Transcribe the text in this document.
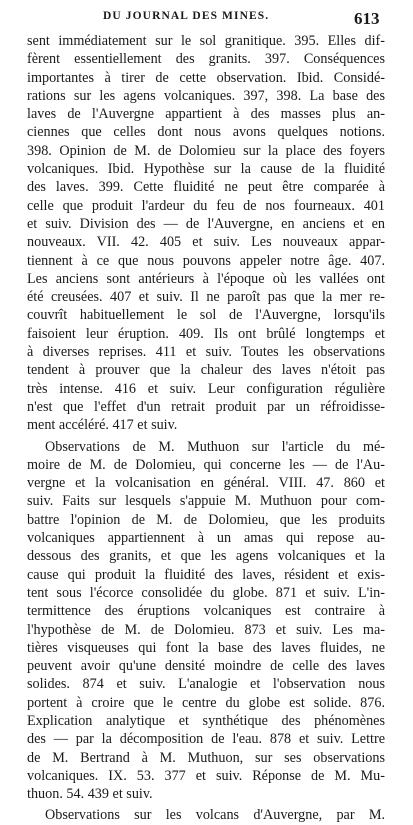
DU JOURNAL DES MINES.	613
sent immédiatement sur le sol granitique. 395. Elles dif-
fèrent essentiellement des granits. 397. Conséquences
importantes à tirer de cette observation. Ibid. Considé-
rations sur les agens volcaniques. 397, 398. La base des
laves de l'Auvergne appartient à des masses plus an-
ciennes que celles dont nous avons quelques notions.
398. Opinion de M. de Dolomieu sur la place des foyers
volcaniques. Ibid. Hypothèse sur la cause de la fluidité
des laves. 399. Cette fluidité ne peut être comparée à
celle que produit l'ardeur du feu de nos fourneaux. 401
et suiv. Division des — de l'Auvergne, en anciens et en
nouveaux. VII. 42. 405 et suiv. Les nouveaux appar-
tiennent à ce que nous pouvons appeler notre âge. 407.
Les anciens sont antérieurs à l'époque où les vallées ont
été creusées. 407 et suiv. Il ne paroît pas que la mer re-
couvrît habituellement le sol de l'Auvergne, lorsqu'ils
faisoient leur éruption. 409. Ils ont brûlé longtemps et
à diverses reprises. 411 et suiv. Toutes les observations
tendent à prouver que la chaleur des laves n'étoit pas
très intense. 416 et suiv. Leur configuration régulière
n'est que l'effet d'un retrait produit par un réfroidisse-
ment accéléré. 417 et suiv.
Observations de M. Muthuon sur l'article du mé-
moire de M. de Dolomieu, qui concerne les — de l'Au-
vergne et la volcanisation en général. VIII. 47. 860 et
suiv. Faits sur lesquels s'appuie M. Muthuon pour com-
battre l'opinion de M. de Dolomieu, que les produits
volcaniques appartiennent à un amas qui repose au-
dessous des granits, et que les agens volcaniques et la
cause qui produit la fluidité des laves, résident et exis-
tent sous l'écorce consolidée du globe. 871 et suiv. L'in-
termittence des éruptions volcaniques est contraire à
l'hypothèse de M. de Dolomieu. 873 et suiv. Les ma-
tières visqueuses qui font la base des laves fluides, ne
peuvent avoir qu'une densité moindre de celle des laves
solides. 874 et suiv. L'analogie et l'observation nous
portent à croire que le centre du globe est solide. 876.
Explication analytique et synthétique des phénomènes
des — par la décomposition de l'eau. 878 et suiv. Lettre
de M. Bertrand à M. Muthuon, sur ses observations
volcaniques. IX. 53. 377 et suiv. Réponse de M. Mu-
thuon. 54. 439 et suiv.
Observations sur les volcans d'Auvergne, par M.
